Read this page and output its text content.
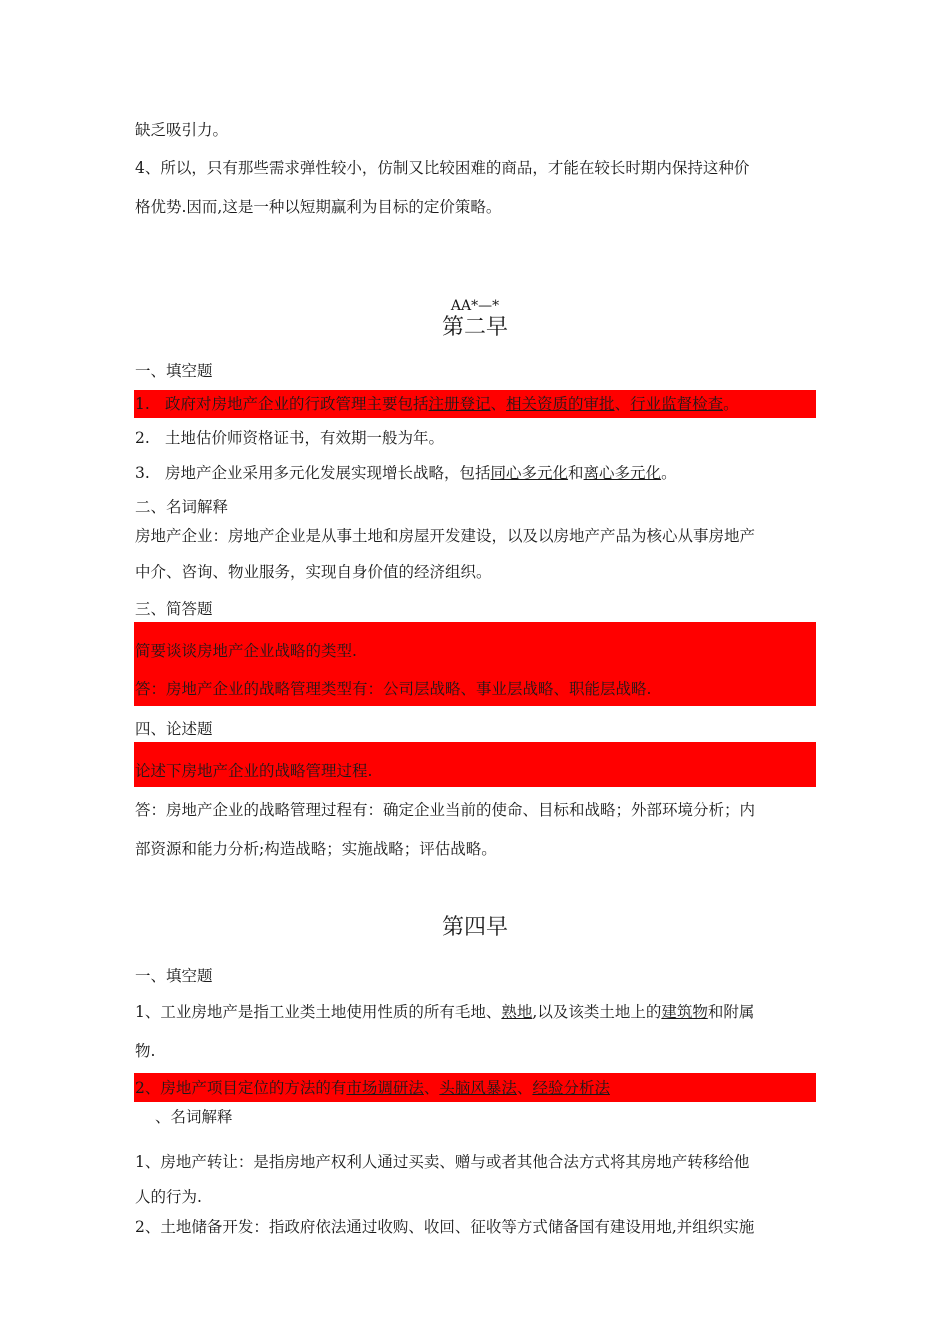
缺乏吸引力。
4、所以，只有那些需求弹性较小，仿制又比较困难的商品，才能在较长时期内保持这种价
格优势.因而,这是一种以短期赢利为目标的定价策略。
AA*—*
第二早
一、填空题
1. 政府对房地产企业的行政管理主要包括注册登记、相关资质的审批、行业监督检查。
2. 土地估价师资格证书，有效期一般为年。
3. 房地产企业采用多元化发展实现增长战略，包括同心多元化和离心多元化。
二、名词解释
房地产企业：房地产企业是从事土地和房屋开发建设，以及以房地产产品为核心从事房地产
中介、咨询、物业服务，实现自身价值的经济组织。
三、简答题
简要谈谈房地产企业战略的类型.
答：房地产企业的战略管理类型有：公司层战略、事业层战略、职能层战略.
四、论述题
论述下房地产企业的战略管理过程.
答：房地产企业的战略管理过程有：确定企业当前的使命、目标和战略；外部环境分析；内
部资源和能力分析;构造战略；实施战略；评估战略。
第四早
一、填空题
1、工业房地产是指工业类土地使用性质的所有毛地、熟地,以及该类土地上的建筑物和附属
物.
2、房地产项目定位的方法的有市场调研法、头脑风暴法、经验分析法
、名词解释
1、房地产转让：是指房地产权利人通过买卖、赠与或者其他合法方式将其房地产转移给他
人的行为.
2、土地储备开发：指政府依法通过收购、收回、征收等方式储备国有建设用地,并组织实施
